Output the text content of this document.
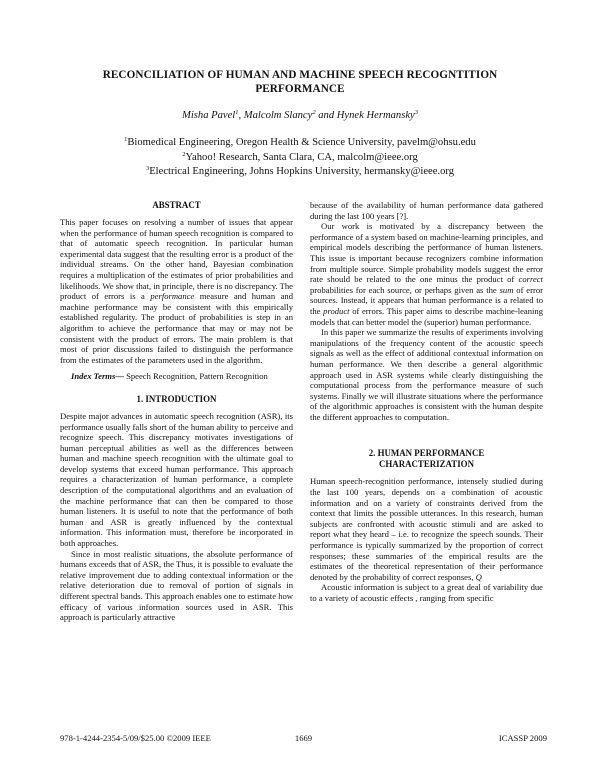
RECONCILIATION OF HUMAN AND MACHINE SPEECH RECOGNTITION PERFORMANCE
Misha Pavel$^1$, Malcolm Slancy$^2$ and Hynek Hermansky$^3$
$^1$Biomedical Engineering, Oregon Health & Science University, pavelm@ohsu.edu
$^2$Yahoo! Research, Santa Clara, CA, malcolm@ieee.org
$^3$Electrical Engineering, Johns Hopkins University, hermansky@ieee.org
ABSTRACT

This paper focuses on resolving a number of issues that appear when the performance of human speech recognition is compared to that of automatic speech recognition. In particular human experimental data suggest that the resulting error is a product of the individual streams. On the other hand, Bayesian combination requires a multiplication of the estimates of prior probabilities and likelihoods. We show that, in principle, there is no discrepancy. The product of errors is a performance measure and human and machine performance may be consistent with this empirically established regularity. The product of probabilities is step in an algorithm to achieve the performance that may or may not be consistent with the product of errors. The main problem is that most of prior discussions failed to distinguish the performance from the estimates of the parameters used in the algorithm.

Index Terms— Speech Recognition, Pattern Recognition

1. INTRODUCTION

Despite major advances in automatic speech recognition (ASR), its performance usually falls short of the human ability to perceive and recognize speech. This discrepancy motivates investigations of human perceptual abilities as well as the differences between human and machine speech recognition with the ultimate goal to develop systems that exceed human performance. This approach requires a characterization of human performance, a complete description of the computational algorithms and an evaluation of the machine performance that can then be compared to those human listeners. It is useful to note that the performance of both human and ASR is greatly influenced by the contextual information. This information must, therefore be incorporated in both approaches.

Since in most realistic situations, the absolute performance of humans exceeds that of ASR, the Thus, it is possible to evaluate the relative improvement due to adding contextual information or the relative deterioration due to removal of portion of signals in different spectral bands. This approach enables one to estimate how efficacy of various information sources used in ASR. This approach is particularly attractive

because of the availability of human performance data gathered during the last 100 years [?].

Our work is motivated by a discrepancy between the performance of a system based on machine-learning principles, and empirical models describing the performance of human listeners. This issue is important because recognizers combine information from multiple source. Simple probability models suggest the error rate should be related to the one minus the product of correct probabilities for each source, or perhaps given as the sum of error sources. Instead, it appears that human performance is a related to the product of errors. This paper aims to describe machine-leaning models that can better model the (superior) human performance.

In this paper we summarize the results of experiments involving manipulations of the frequency content of the acoustic speech signals as well as the effect of additional contextual information on human performance. We then describe a general algorithmic approach used in ASR systems while clearly distinguishing the computational process from the performance measure of such systems. Finally we will illustrate situations where the performance of the algorithmic approaches is consistent with the human despite the different approaches to computation.

2. HUMAN PERFORMANCE
CHARACTERIZATION

Human speech-recognition performance, intensely studied during the last 100 years, depends on a combination of acoustic information and on a variety of constraints derived from the context that limits the possible utterances. In this research, human subjects are confronted with acoustic stimuli and are asked to report what they heard – i.e. to recognize the speech sounds. Their performance is typically summarized by the proportion of correct responses; these summaries of the empirical results are the estimates of the theoretical representation of their performance denoted by the probability of correct responses, Q

Acoustic information is subject to a great deal of variability due to a variety of acoustic effects , ranging from specific

978-1-4244-2354-5/09/$25.00 ©2009 IEEE	1669	ICASSP 2009
